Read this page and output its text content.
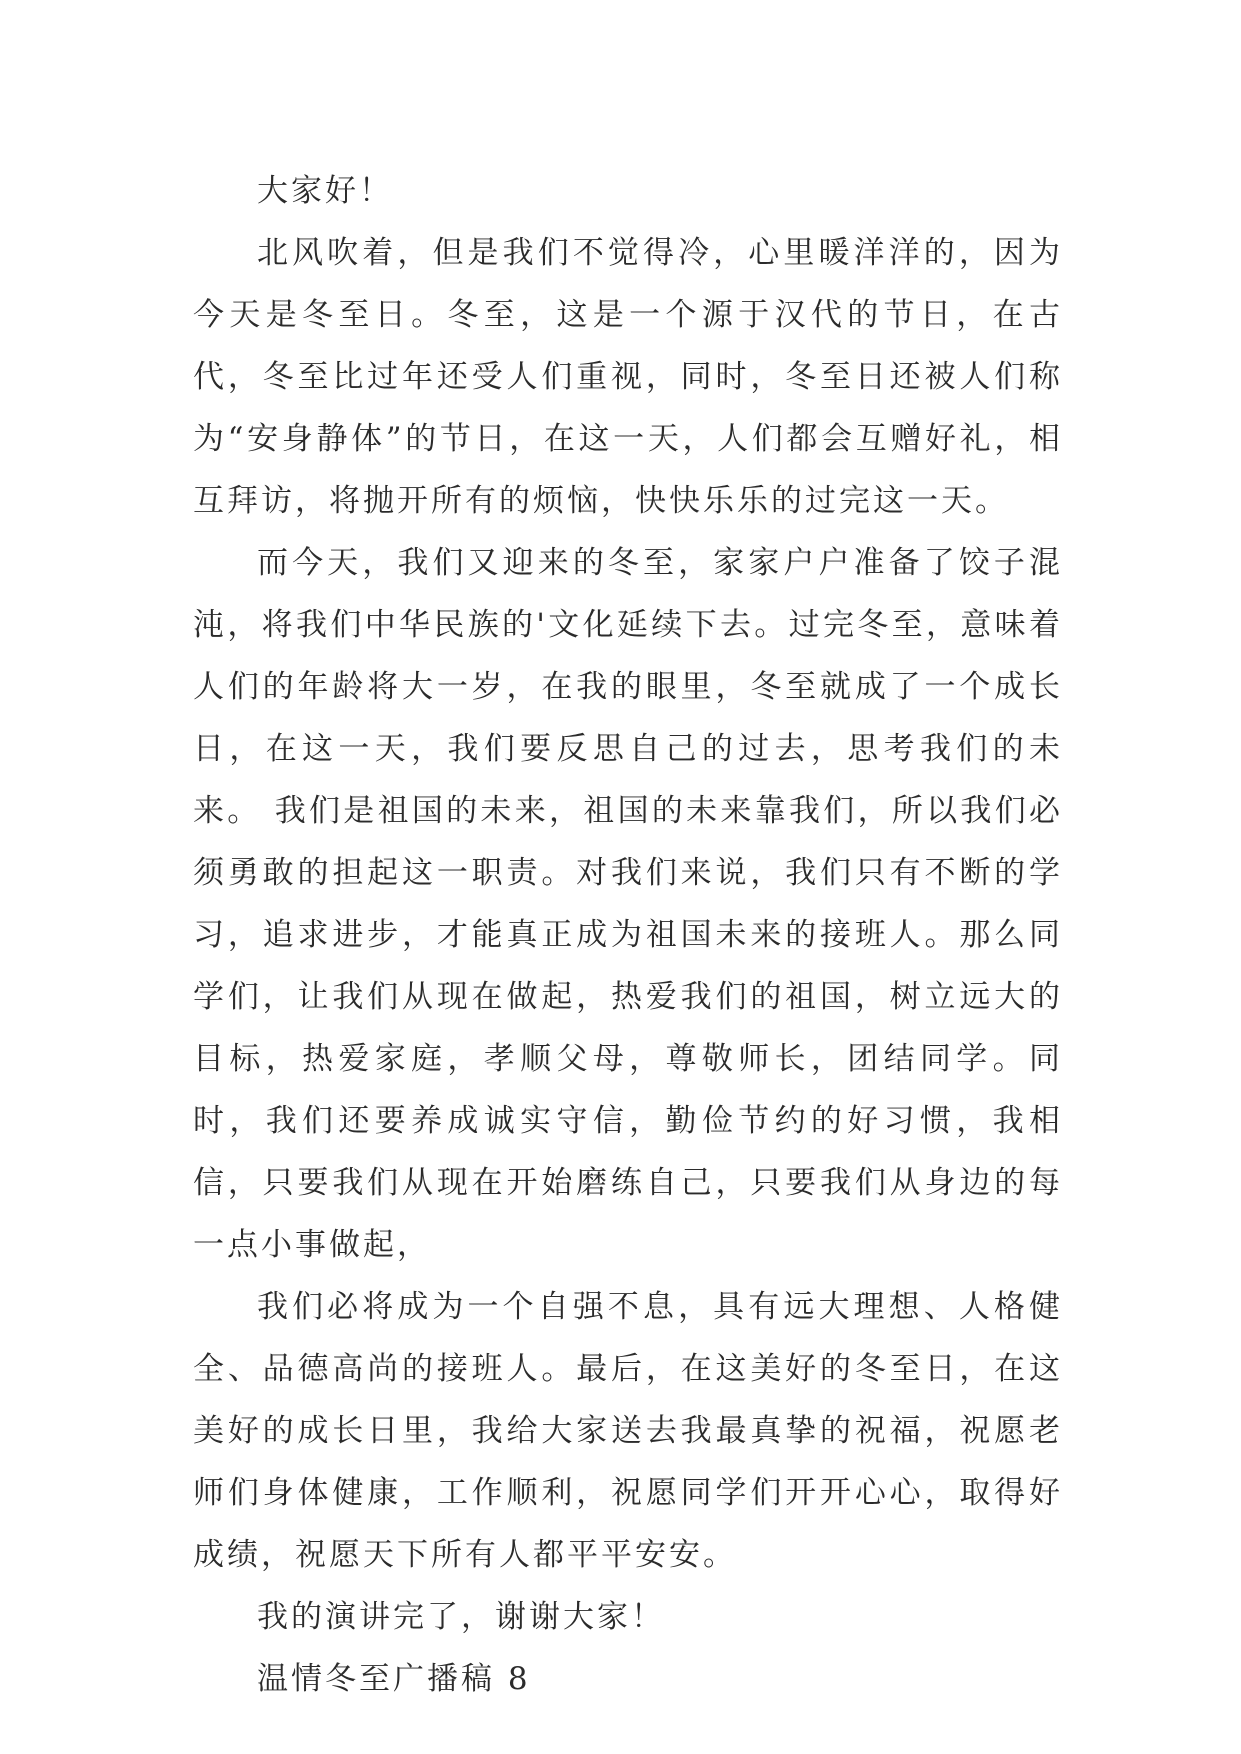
大家好！

北风吹着，但是我们不觉得冷，心里暖洋洋的，因为今天是冬至日。冬至，这是一个源于汉代的节日，在古代，冬至比过年还受人们重视，同时，冬至日还被人们称为“安身静体”的节日，在这一天，人们都会互赠好礼，相互拜访，将抛开所有的烦恼，快快乐乐的过完这一天。

而今天，我们又迎来的冬至，家家户户准备了饺子混沌，将我们中华民族的'文化延续下去。过完冬至，意味着人们的年龄将大一岁，在我的眼里，冬至就成了一个成长日，在这一天，我们要反思自己的过去，思考我们的未来。 我们是祖国的未来，祖国的未来靠我们，所以我们必须勇敢的担起这一职责。对我们来说，我们只有不断的学习，追求进步，才能真正成为祖国未来的接班人。那么同学们，让我们从现在做起，热爱我们的祖国，树立远大的目标，热爱家庭，孝顺父母，尊敬师长，团结同学。同时，我们还要养成诚实守信，勤俭节约的好习惯，我相信，只要我们从现在开始磨练自己，只要我们从身边的每一点小事做起，

我们必将成为一个自强不息，具有远大理想、人格健全、品德高尚的接班人。最后，在这美好的冬至日，在这美好的成长日里，我给大家送去我最真挚的祝福，祝愿老师们身体健康，工作顺利，祝愿同学们开开心心，取得好成绩，祝愿天下所有人都平平安安。

我的演讲完了，谢谢大家！

温情冬至广播稿 8
